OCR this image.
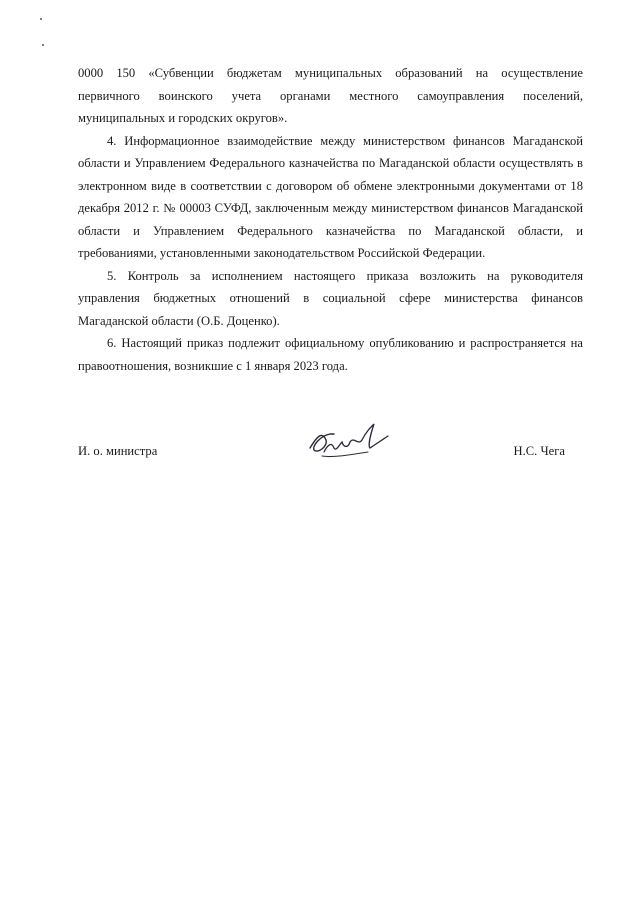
0000 150 «Субвенции бюджетам муниципальных образований на осуществление
первичного воинского учета органами местного самоуправления поселений,
муниципальных и городских округов».

4. Информационное взаимодействие между министерством финансов Магаданской области и Управлением Федерального казначейства по Магаданской области осуществлять в электронном виде в соответствии с договором об обмене электронными документами от 18 декабря 2012 г. № 00003 СУФД, заключенным между министерством финансов Магаданской области и Управлением Федерального казначейства по Магаданской области, и требованиями, установленными законодательством Российской Федерации.

5. Контроль за исполнением настоящего приказа возложить на руководителя управления бюджетных отношений в социальной сфере министерства финансов Магаданской области (О.Б. Доценко).

6. Настоящий приказ подлежит официальному опубликованию и распространяется на правоотношения, возникшие с 1 января 2023 года.

И. о. министра	Н.С. Чега
